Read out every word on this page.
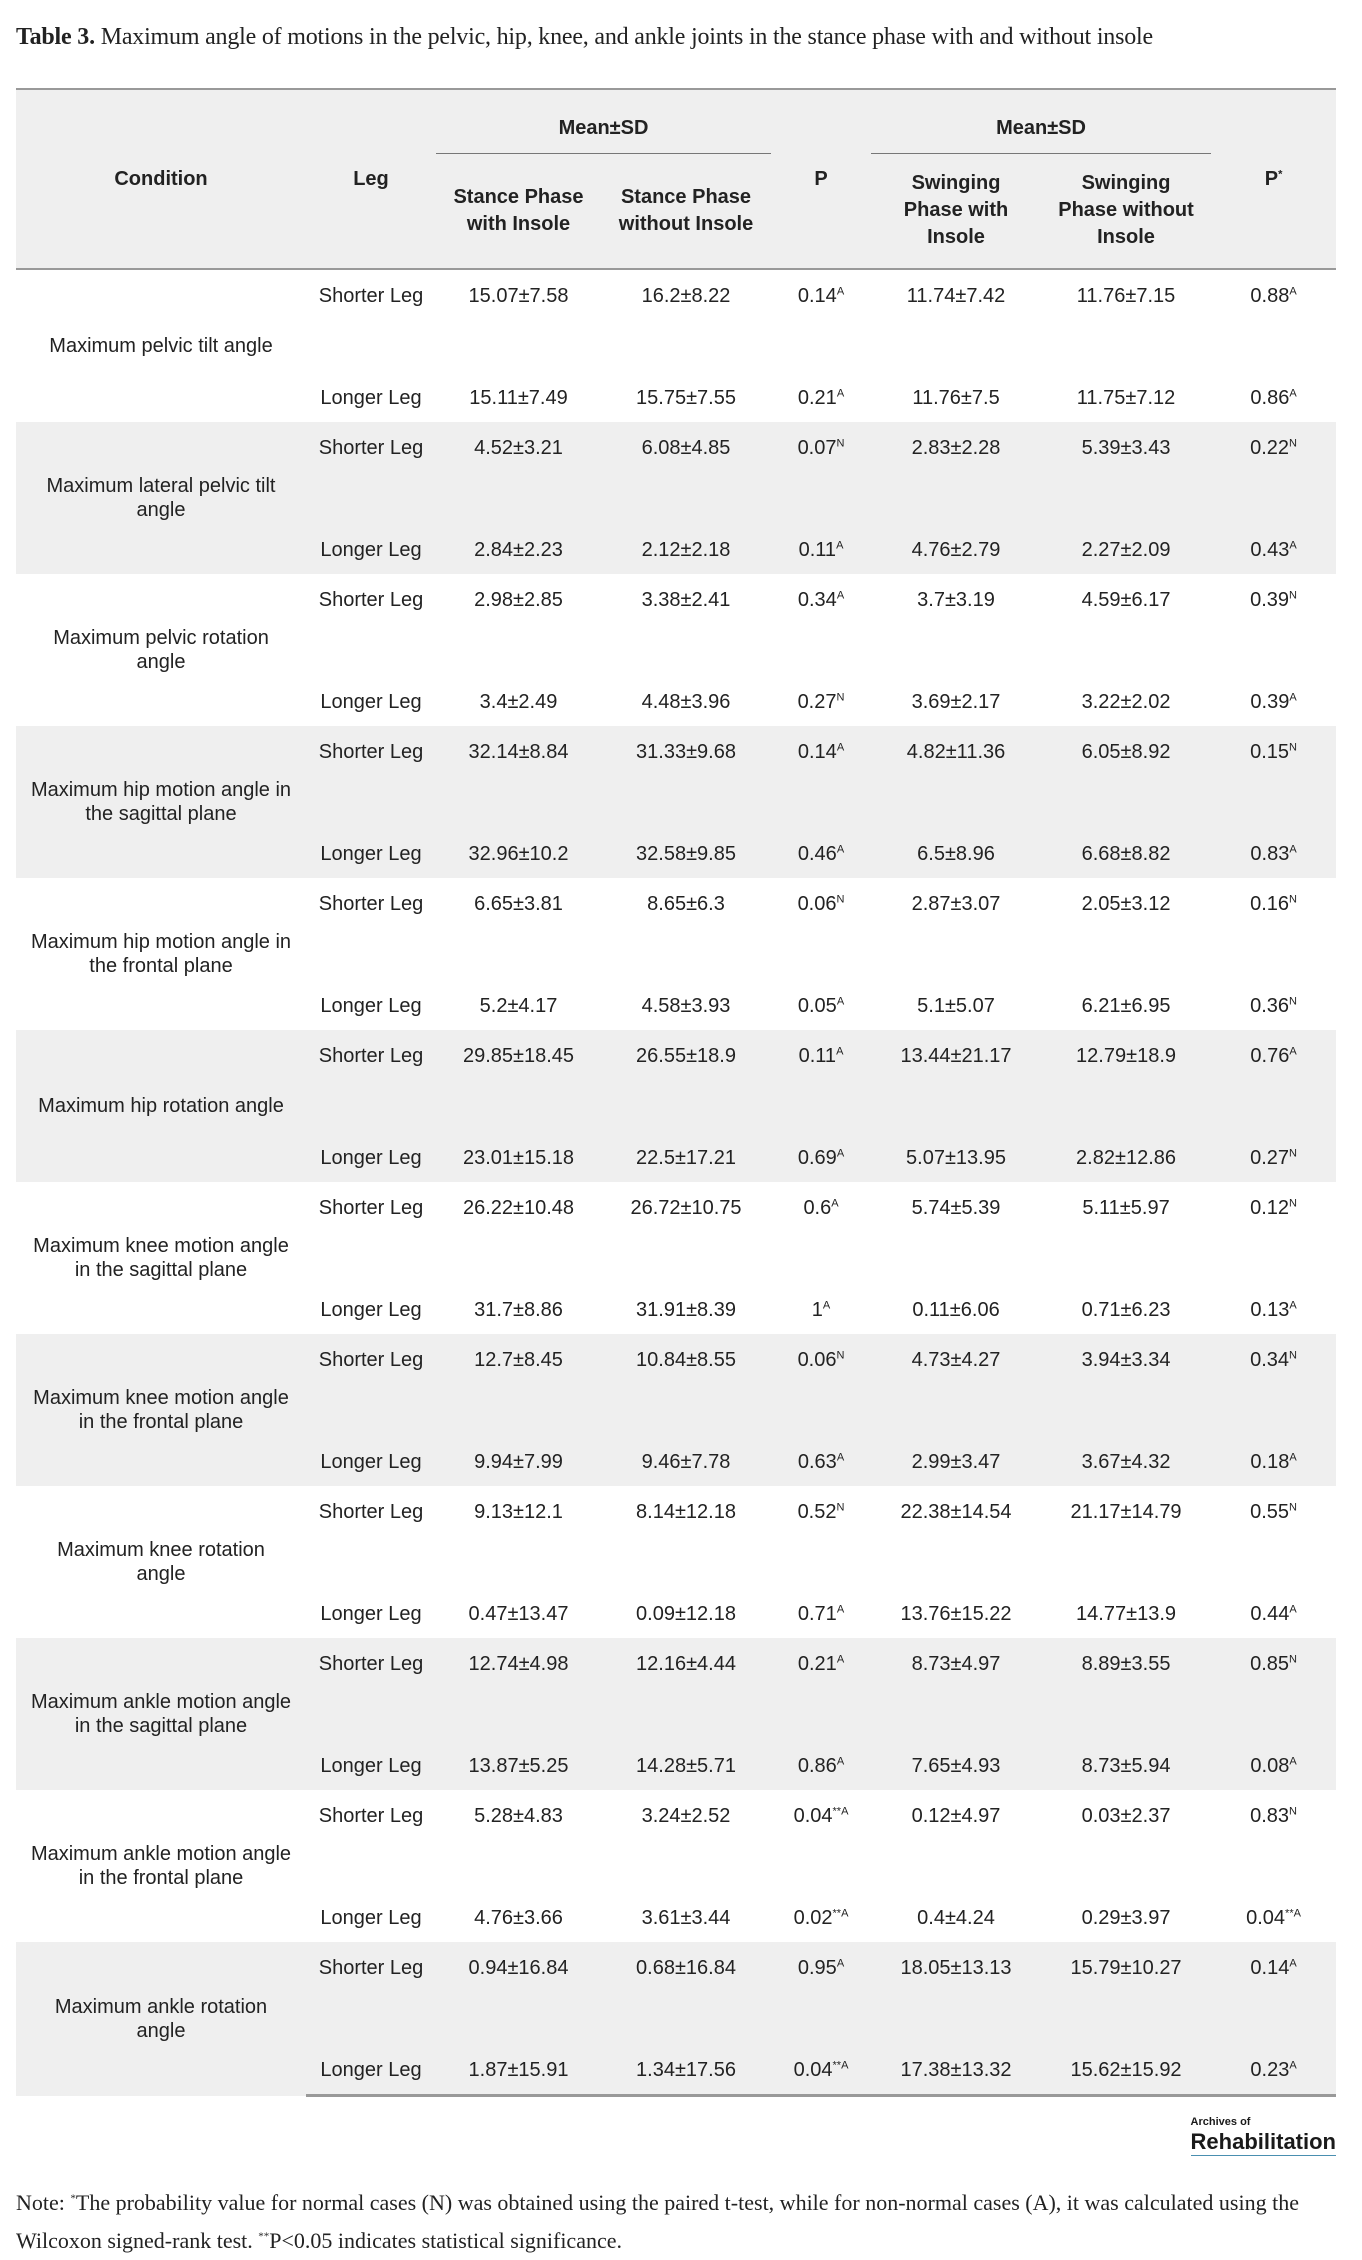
Table 3. Maximum angle of motions in the pelvic, hip, knee, and ankle joints in the stance phase with and without insole
Condition	Leg	Mean±SD		P	Mean±SD		P*
		Stance Phase with Insole	Stance Phase without Insole		Swinging Phase with Insole	Swinging Phase without Insole	
Maximum pelvic tilt angle	Shorter Leg	15.07±7.58	16.2±8.22	$0.14^A$	11.74±7.42	11.76±7.15	$0.88^A$
	Longer Leg	15.11±7.49	15.75±7.55	$0.21^A$	11.76±7.5	11.75±7.12	$0.86^A$
Maximum lateral pelvic tilt angle	Shorter Leg	4.52±3.21	6.08±4.85	$0.07^N$	2.83±2.28	5.39±3.43	$0.22^N$
	Longer Leg	2.84±2.23	2.12±2.18	$0.11^A$	4.76±2.79	2.27±2.09	$0.43^A$
Maximum pelvic rotation angle	Shorter Leg	2.98±2.85	3.38±2.41	$0.34^A$	3.7±3.19	4.59±6.17	$0.39^N$
	Longer Leg	3.4±2.49	4.48±3.96	$0.27^N$	3.69±2.17	3.22±2.02	$0.39^A$
Maximum hip motion angle in the sagittal plane	Shorter Leg	32.14±8.84	31.33±9.68	$0.14^A$	4.82±11.36	6.05±8.92	$0.15^N$
	Longer Leg	32.96±10.2	32.58±9.85	$0.46^A$	6.5±8.96	6.68±8.82	$0.83^A$
Maximum hip motion angle in the frontal plane	Shorter Leg	6.65±3.81	8.65±6.3	$0.06^N$	2.87±3.07	2.05±3.12	$0.16^N$
	Longer Leg	5.2±4.17	4.58±3.93	$0.05^A$	5.1±5.07	6.21±6.95	$0.36^N$
Maximum hip rotation angle	Shorter Leg	29.85±18.45	26.55±18.9	$0.11^A$	13.44±21.17	12.79±18.9	$0.76^A$
	Longer Leg	23.01±15.18	22.5±17.21	$0.69^A$	5.07±13.95	2.82±12.86	$0.27^N$
Maximum knee motion angle in the sagittal plane	Shorter Leg	26.22±10.48	26.72±10.75	$0.6^A$	5.74±5.39	5.11±5.97	$0.12^N$
	Longer Leg	31.7±8.86	31.91±8.39	$1^A$	0.11±6.06	0.71±6.23	$0.13^A$
Maximum knee motion angle in the frontal plane	Shorter Leg	12.7±8.45	10.84±8.55	$0.06^N$	4.73±4.27	3.94±3.34	$0.34^N$
	Longer Leg	9.94±7.99	9.46±7.78	$0.63^A$	2.99±3.47	3.67±4.32	$0.18^A$
Maximum knee rotation angle	Shorter Leg	9.13±12.1	8.14±12.18	$0.52^N$	22.38±14.54	21.17±14.79	$0.55^N$
	Longer Leg	0.47±13.47	0.09±12.18	$0.71^A$	13.76±15.22	14.77±13.9	$0.44^A$
Maximum ankle motion angle in the sagittal plane	Shorter Leg	12.74±4.98	12.16±4.44	$0.21^A$	8.73±4.97	8.89±3.55	$0.85^N$
	Longer Leg	13.87±5.25	14.28±5.71	$0.86^A$	7.65±4.93	8.73±5.94	$0.08^A$
Maximum ankle motion angle in the frontal plane	Shorter Leg	5.28±4.83	3.24±2.52	$0.04^{**A}$	0.12±4.97	0.03±2.37	$0.83^N$
	Longer Leg	4.76±3.66	3.61±3.44	$0.02^{**A}$	0.4±4.24	0.29±3.97	$0.04^{**A}$
Maximum ankle rotation angle	Shorter Leg	0.94±16.84	0.68±16.84	$0.95^A$	18.05±13.13	15.79±10.27	$0.14^A$
	Longer Leg	1.87±15.91	1.34±17.56	$0.04^{**A}$	17.38±13.32	15.62±15.92	$0.23^A$
Archives of
Rehabilitation
Note: *The probability value for normal cases (N) was obtained using the paired t-test, while for non-normal cases (A), it was calculated using the Wilcoxon signed-rank test. **P<0.05 indicates statistical significance.
